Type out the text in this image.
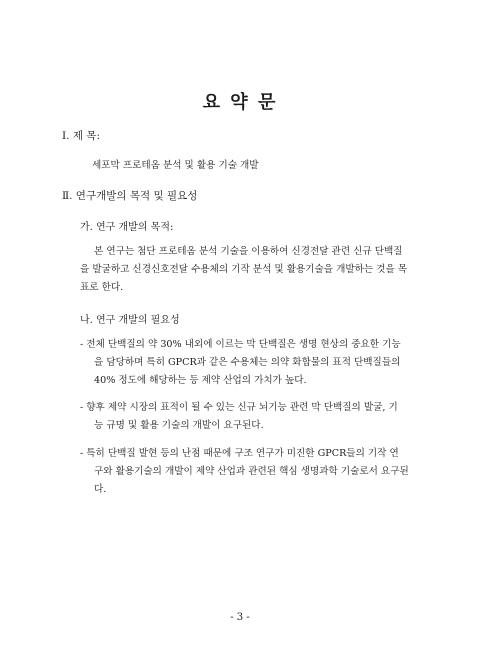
요 약 문
Ⅰ. 제 목:
세포막 프로테옴 분석 및 활용 기술 개발
Ⅱ. 연구개발의 목적 및 필요성
가. 연구 개발의 목적:
본 연구는 첨단 프로테옴 분석 기술을 이용하여 신경전달 관련 신규 단백질
을 발굴하고 신경신호전달 수용체의 기작 분석 및 활용기술을 개발하는 것을 목
표로 한다.
나. 연구 개발의 필요성
- 전체 단백질의 약 30% 내외에 이르는 막 단백질은 생명 현상의 중요한 기능
을 담당하며 특히 GPCR과 같은 수용체는 의약 화합물의 표적 단백질들의
40% 정도에 해당하는 등 제약 산업의 가치가 높다.
- 향후 제약 시장의 표적이 될 수 있는 신규 뇌기능 관련 막 단백질의 발굴, 기
능 규명 및 활용 기술의 개발이 요구된다.
- 특히 단백질 발현 등의 난점 때문에 구조 연구가 미진한 GPCR들의 기작 연
구와 활용기술의 개발이 제약 산업과 관련된 핵심 생명과학 기술로서 요구된
다.
- 3 -
